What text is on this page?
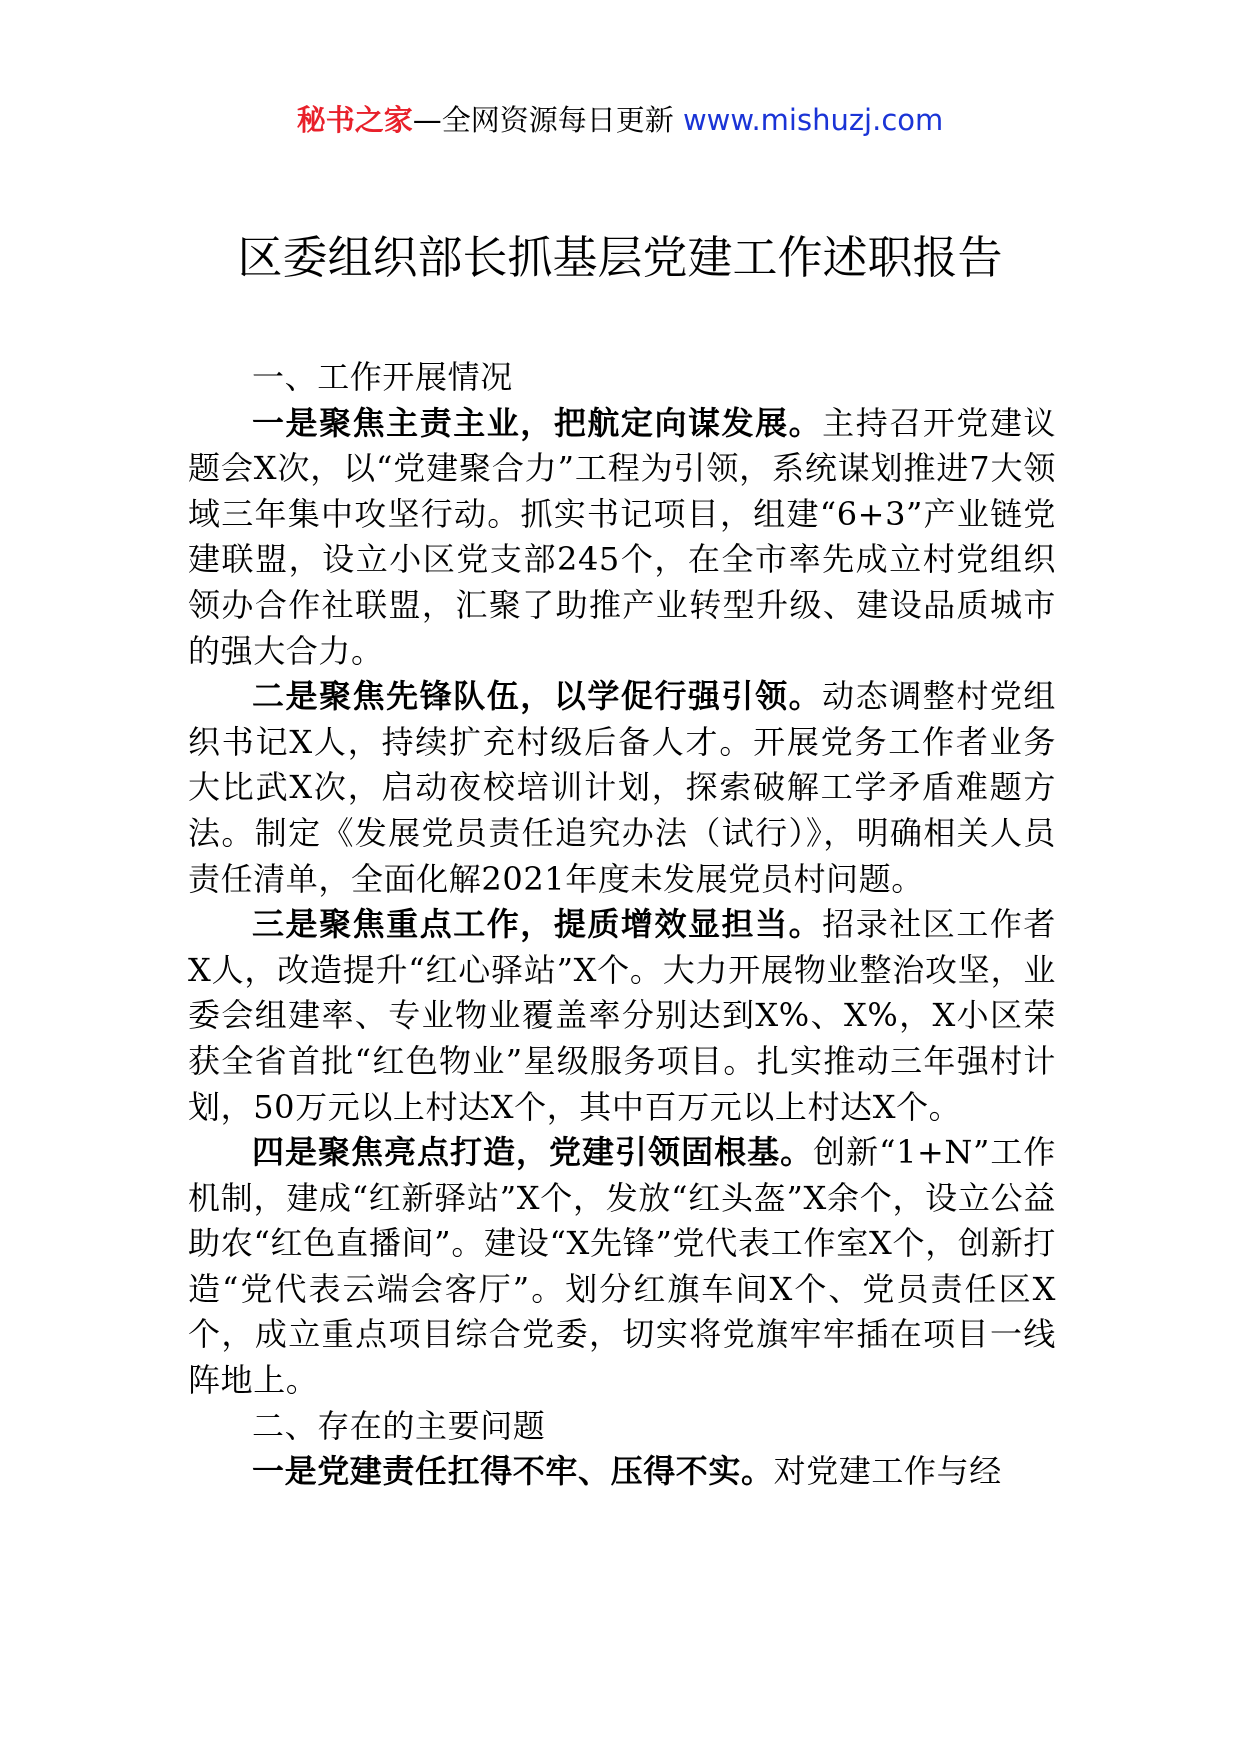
秘书之家—全网资源每日更新 www.mishuzj.com
区委组织部长抓基层党建工作述职报告

一、工作开展情况

一是聚焦主责主业，把航定向谋发展。主持召开党建议题会X次，以“党建聚合力”工程为引领，系统谋划推进7大领域三年集中攻坚行动。抓实书记项目，组建“6+3”产业链党建联盟，设立小区党支部245个，在全市率先成立村党组织领办合作社联盟，汇聚了助推产业转型升级、建设品质城市的强大合力。

二是聚焦先锋队伍，以学促行强引领。动态调整村党组织书记X人，持续扩充村级后备人才。开展党务工作者业务大比武X次，启动夜校培训计划，探索破解工学矛盾难题方法。制定《发展党员责任追究办法（试行）》，明确相关人员责任清单，全面化解2021年度未发展党员村问题。

三是聚焦重点工作，提质增效显担当。招录社区工作者X人，改造提升“红心驿站”X个。大力开展物业整治攻坚，业委会组建率、专业物业覆盖率分别达到X%、X%，X小区荣获全省首批“红色物业”星级服务项目。扎实推动三年强村计划，50万元以上村达X个，其中百万元以上村达X个。

四是聚焦亮点打造，党建引领固根基。创新“1+N”工作机制，建成“红新驿站”X个，发放“红头盔”X余个，设立公益助农“红色直播间”。建设“X先锋”党代表工作室X个，创新打造“党代表云端会客厅”。划分红旗车间X个、党员责任区X个，成立重点项目综合党委，切实将党旗牢牢插在项目一线阵地上。

二、存在的主要问题

一是党建责任扛得不牢、压得不实。对党建工作与经
